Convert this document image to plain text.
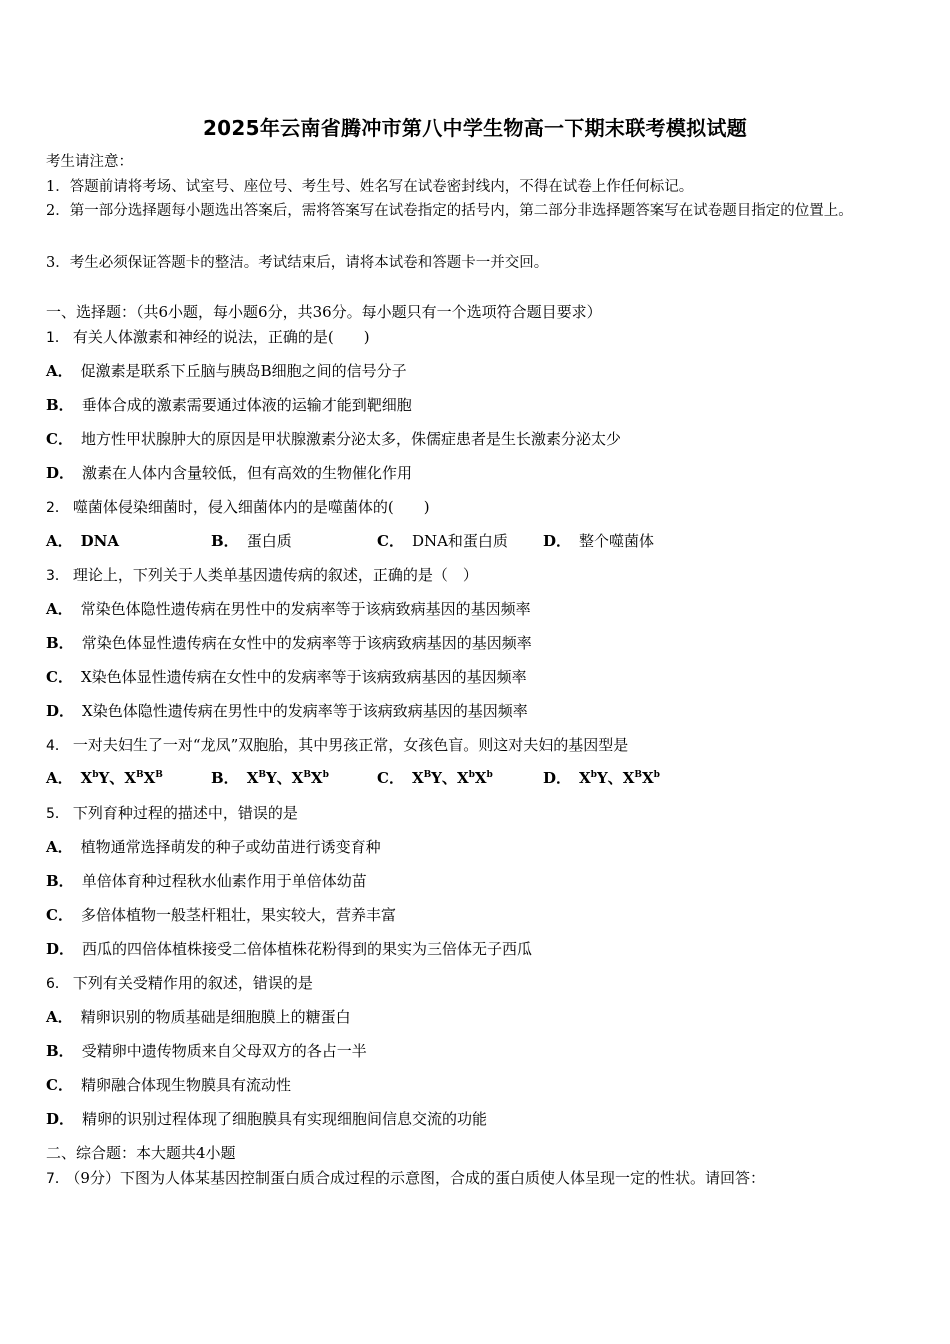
2025年云南省腾冲市第八中学生物高一下期末联考模拟试题
考生请注意：
1．答题前请将考场、试室号、座位号、考生号、姓名写在试卷密封线内，不得在试卷上作任何标记。
2．第一部分选择题每小题选出答案后，需将答案写在试卷指定的括号内，第二部分非选择题答案写在试卷题目指定的位置上。
3．考生必须保证答题卡的整洁。考试结束后，请将本试卷和答题卡一并交回。
一、选择题：（共6小题，每小题6分，共36分。每小题只有一个选项符合题目要求）
1． 有关人体激素和神经的说法，正确的是(　　)
A． 促激素是联系下丘脑与胰岛B细胞之间的信号分子
B． 垂体合成的激素需要通过体液的运输才能到靶细胞
C． 地方性甲状腺肿大的原因是甲状腺激素分泌太多，侏儒症患者是生长激素分泌太少
D． 激素在人体内含量较低，但有高效的生物催化作用
2． 噬菌体侵染细菌时，侵入细菌体内的是噬菌体的(　　)
A． DNA	B． 蛋白质	C． DNA和蛋白质 D． 整个噬菌体
3． 理论上，下列关于人类单基因遗传病的叙述，正确的是（　）
A． 常染色体隐性遗传病在男性中的发病率等于该病致病基因的基因频率
B． 常染色体显性遗传病在女性中的发病率等于该病致病基因的基因频率
C． X染色体显性遗传病在女性中的发病率等于该病致病基因的基因频率
D． X染色体隐性遗传病在男性中的发病率等于该病致病基因的基因频率
4． 一对夫妇生了一对“龙凤”双胞胎，其中男孩正常，女孩色盲。则这对夫妇的基因型是
A． $X^bY$、$X^BX^B$	B． $X^BY$、$X^BX^b$	C． $X^BY$、$X^bX^b$	D． $X^bY$、$X^BX^b$
5． 下列育种过程的描述中，错误的是
A． 植物通常选择萌发的种子或幼苗进行诱变育种
B． 单倍体育种过程秋水仙素作用于单倍体幼苗
C． 多倍体植物一般茎杆粗壮，果实较大，营养丰富
D． 西瓜的四倍体植株接受二倍体植株花粉得到的果实为三倍体无子西瓜
6． 下列有关受精作用的叙述，错误的是
A． 精卵识别的物质基础是细胞膜上的糖蛋白
B． 受精卵中遗传物质来自父母双方的各占一半
C． 精卵融合体现生物膜具有流动性
D． 精卵的识别过程体现了细胞膜具有实现细胞间信息交流的功能
二、综合题：本大题共4小题
7． （9分）下图为人体某基因控制蛋白质合成过程的示意图，合成的蛋白质使人体呈现一定的性状。请回答：
